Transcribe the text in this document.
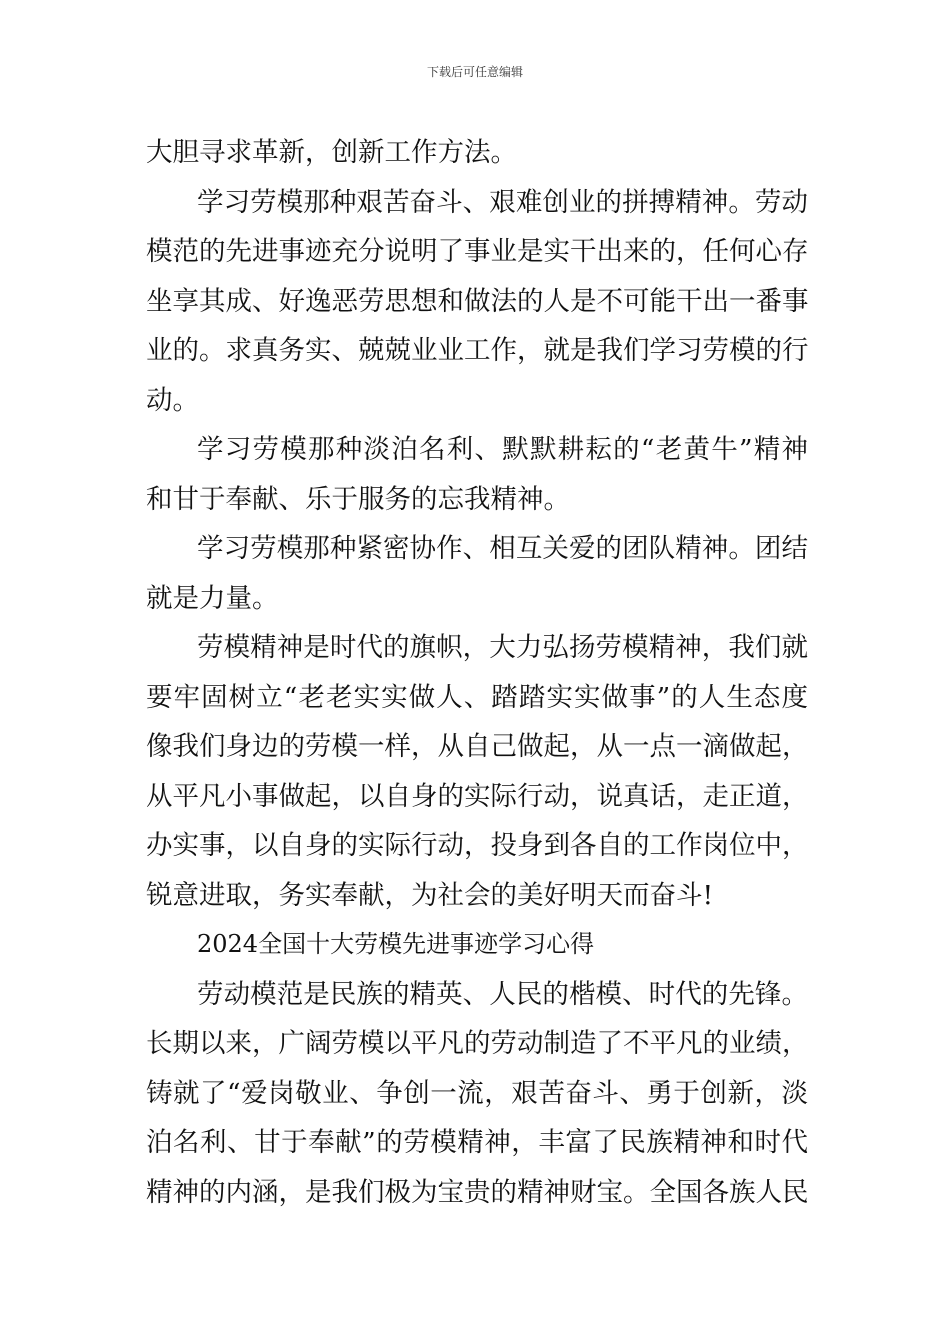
下载后可任意编辑
大胆寻求革新，创新工作方法。
学习劳模那种艰苦奋斗、艰难创业的拼搏精神。劳动
模范的先进事迹充分说明了事业是实干出来的，任何心存
坐享其成、好逸恶劳思想和做法的人是不可能干出一番事
业的。求真务实、兢兢业业工作，就是我们学习劳模的行
动。
学习劳模那种淡泊名利、默默耕耘的“老黄牛”精神
和甘于奉献、乐于服务的忘我精神。
学习劳模那种紧密协作、相互关爱的团队精神。团结
就是力量。
劳模精神是时代的旗帜，大力弘扬劳模精神，我们就
要牢固树立“老老实实做人、踏踏实实做事”的人生态度
像我们身边的劳模一样，从自己做起，从一点一滴做起，
从平凡小事做起，以自身的实际行动，说真话，走正道，
办实事，以自身的实际行动，投身到各自的工作岗位中，
锐意进取，务实奉献，为社会的美好明天而奋斗!
2024全国十大劳模先进事迹学习心得
劳动模范是民族的精英、人民的楷模、时代的先锋。
长期以来，广阔劳模以平凡的劳动制造了不平凡的业绩，
铸就了“爱岗敬业、争创一流，艰苦奋斗、勇于创新，淡
泊名利、甘于奉献”的劳模精神，丰富了民族精神和时代
精神的内涵，是我们极为宝贵的精神财宝。全国各族人民
